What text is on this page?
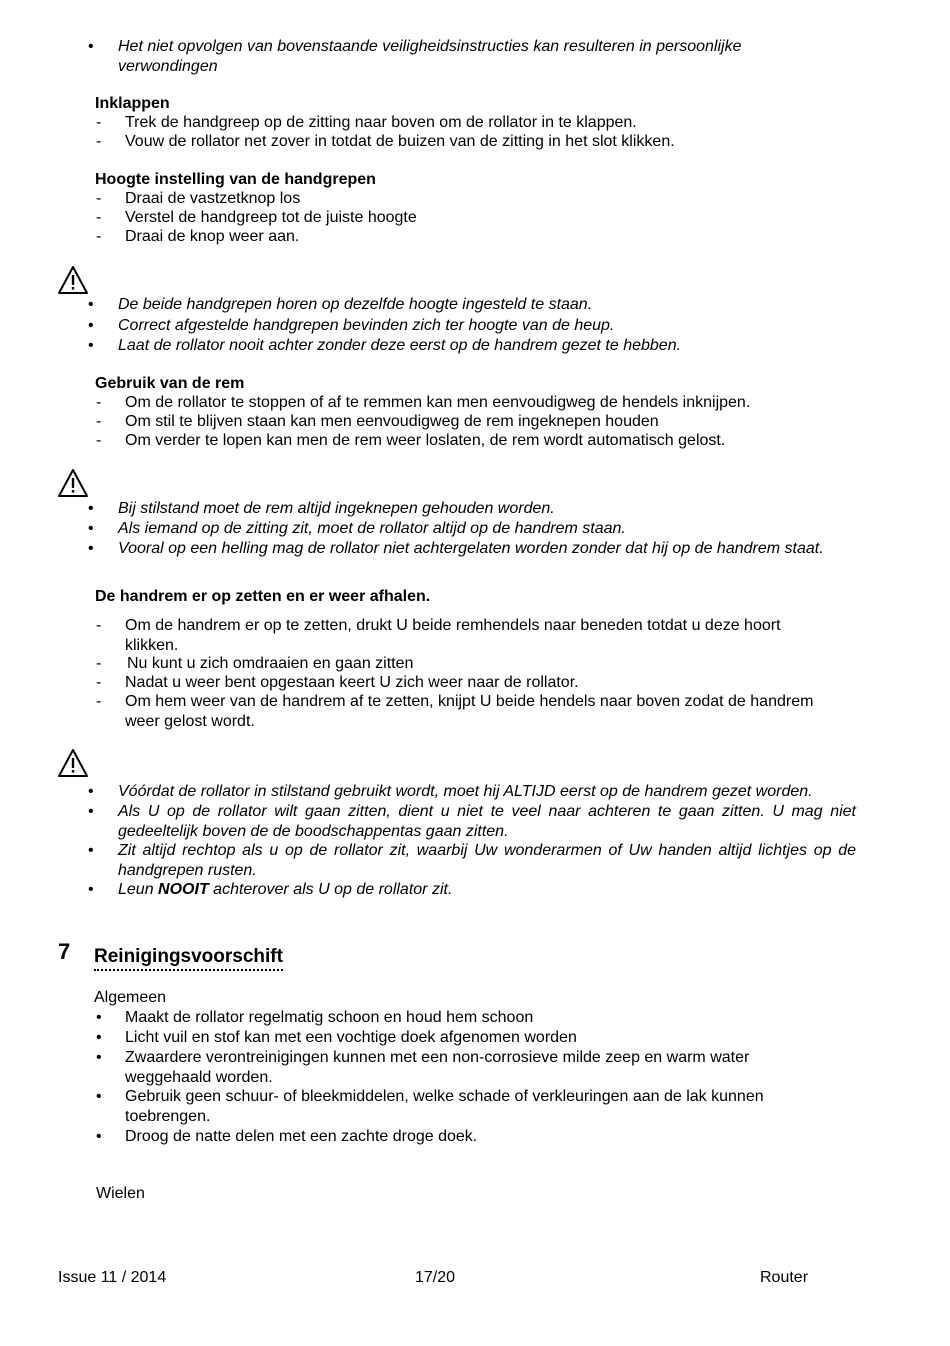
•
Het niet opvolgen van bovenstaande veiligheidsinstructies kan resulteren in persoonlijke verwondingen
Inklappen
- Trek de handgreep op de zitting naar boven om de rollator in te klappen.
- Vouw de rollator net zover in totdat de buizen van de zitting in het slot klikken.
Hoogte instelling van de handgrepen
- Draai de vastzetknop los
- Verstel de handgreep tot de juiste hoogte
- Draai de knop weer aan.
•
De beide handgrepen horen op dezelfde hoogte ingesteld te staan.
•
Correct afgestelde handgrepen bevinden zich ter hoogte van de heup.
•
Laat de rollator nooit achter zonder deze eerst op de handrem gezet te hebben.
Gebruik van de rem
- Om de rollator te stoppen of af te remmen kan men eenvoudigweg de hendels inknijpen.
- Om stil te blijven staan kan men eenvoudigweg de rem ingeknepen houden
- Om verder te lopen kan men de rem weer loslaten, de rem wordt automatisch gelost.
•
Bij stilstand moet de rem altijd ingeknepen gehouden worden.
•
Als iemand op de zitting zit, moet de rollator altijd op de handrem staan.
•
Vooral op een helling mag de rollator niet achtergelaten worden zonder dat hij op de handrem staat.
De handrem er op zetten en er weer afhalen.
- Om de handrem er op te zetten, drukt U beide remhendels naar beneden totdat u deze hoort klikken.
- Nu kunt u zich omdraaien en gaan zitten
- Nadat u weer bent opgestaan keert U zich weer naar de rollator.
- Om hem weer van de handrem af te zetten, knijpt U beide hendels naar boven zodat de handrem weer gelost wordt.
•
Vóórdat de rollator in stilstand gebruikt wordt, moet hij ALTIJD eerst op de handrem gezet worden.
•
Als U op de rollator wilt gaan zitten, dient u niet te veel naar achteren te gaan zitten. U mag niet gedeeltelijk boven de de boodschappentas gaan zitten.
•
Zit altijd rechtop als u op de rollator zit, waarbij Uw wonderarmen of Uw handen altijd lichtjes op de handgrepen rusten.
•
Leun NOOIT achterover als U op de rollator zit.
7 Reinigingsvoorschift
Algemeen
•
Maakt de rollator regelmatig schoon en houd hem schoon
•
Licht vuil en stof kan met een vochtige doek afgenomen worden
•
Zwaardere verontreinigingen kunnen met een non-corrosieve milde zeep en warm water weggehaald worden.
•
Gebruik geen schuur- of bleekmiddelen, welke schade of verkleuringen aan de lak kunnen toebrengen.
•
Droog de natte delen met een zachte droge doek.
Wielen
Issue 11 / 2014	17/20	Router
